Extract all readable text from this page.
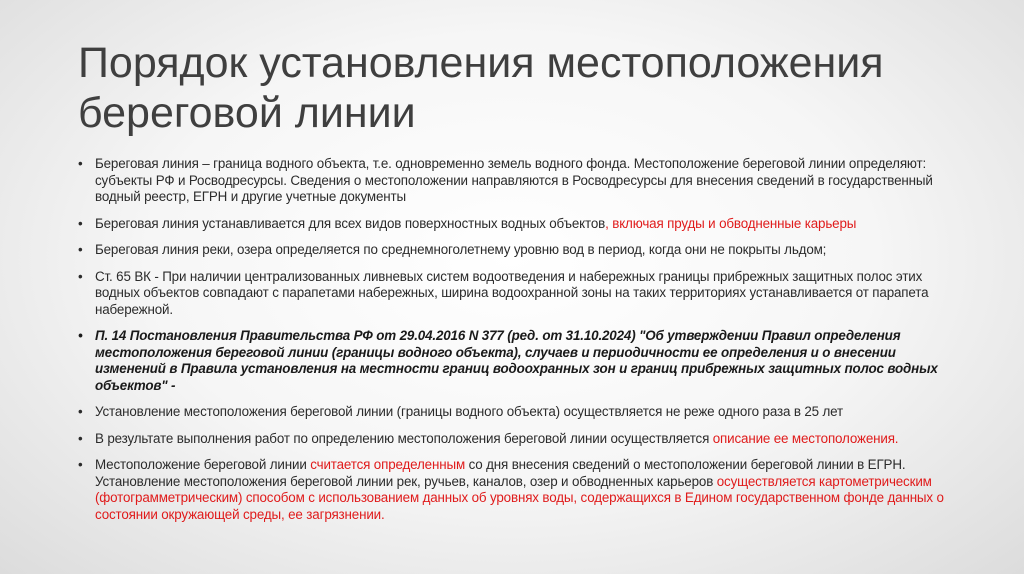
Порядок установления местоположения береговой линии
• Береговая линия – граница водного объекта, т.е. одновременно земель водного фонда. Местоположение береговой линии определяют: субъекты РФ и Росводресурсы. Сведения о местоположении направляются в Росводресурсы для внесения сведений в государственный водный реестр, ЕГРН и другие учетные документы
• Береговая линия устанавливается для всех видов поверхностных водных объектов, включая пруды и обводненные карьеры
• Береговая линия реки, озера определяется по среднемноголетнему уровню вод в период, когда они не покрыты льдом;
• Ст. 65 ВК - При наличии централизованных ливневых систем водоотведения и набережных границы прибрежных защитных полос этих водных объектов совпадают с парапетами набережных, ширина водоохранной зоны на таких территориях устанавливается от парапета набережной.
• П. 14 Постановления Правительства РФ от 29.04.2016 N 377 (ред. от 31.10.2024) "Об утверждении Правил определения местоположения береговой линии (границы водного объекта), случаев и периодичности ее определения и о внесении изменений в Правила установления на местности границ водоохранных зон и границ прибрежных защитных полос водных объектов" -
• Установление местоположения береговой линии (границы водного объекта) осуществляется не реже одного раза в 25 лет
• В результате выполнения работ по определению местоположения береговой линии осуществляется описание ее местоположения.
• Местоположение береговой линии считается определенным со дня внесения сведений о местоположении береговой линии в ЕГРН. Установление местоположения береговой линии рек, ручьев, каналов, озер и обводненных карьеров осуществляется картометрическим (фотограмметрическим) способом с использованием данных об уровнях воды, содержащихся в Едином государственном фонде данных о состоянии окружающей среды, ее загрязнении.
